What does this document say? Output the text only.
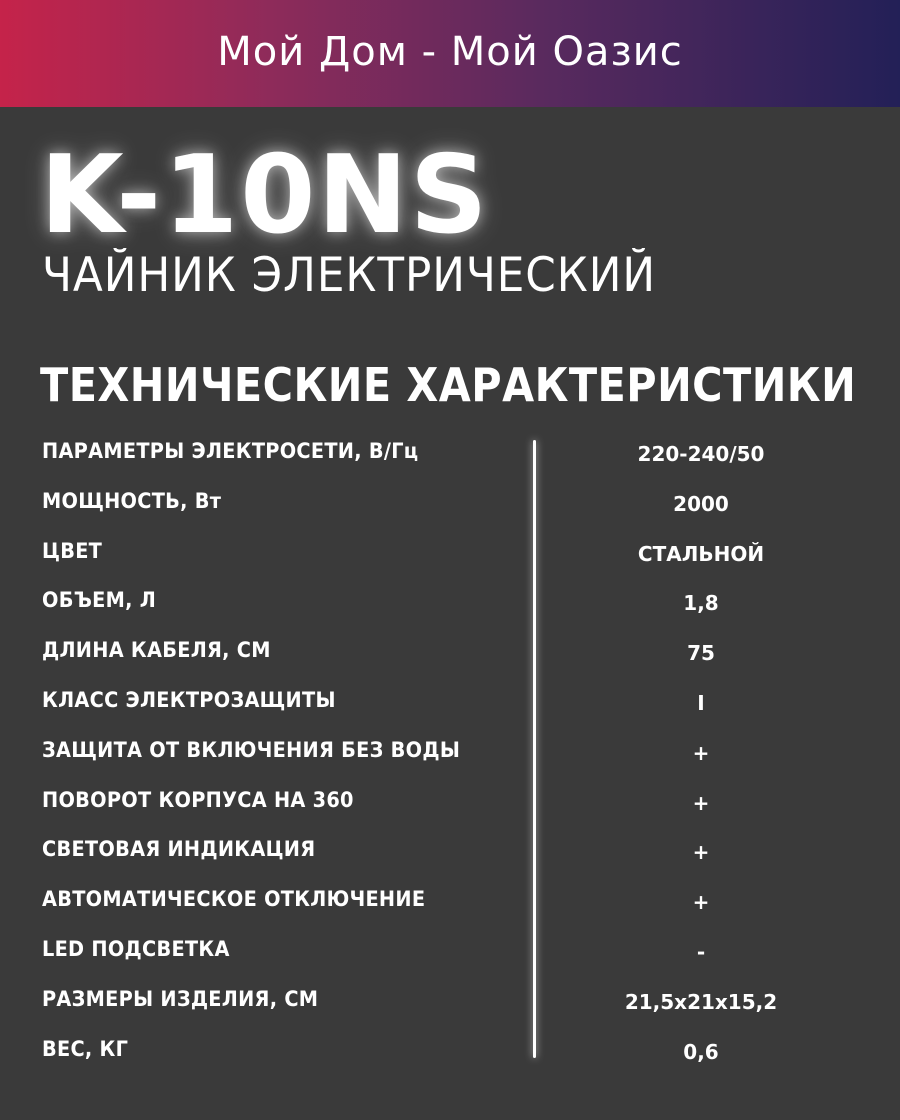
Мой Дом - Мой Оазис
K-10NS
ЧАЙНИК ЭЛЕКТРИЧЕСКИЙ
ТЕХНИЧЕСКИЕ ХАРАКТЕРИСТИКИ
ПАРАМЕТРЫ ЭЛЕКТРОСЕТИ, В/Гц	220-240/50
МОЩНОСТЬ, Вт	2000
ЦВЕТ	СТАЛЬНОЙ
ОБЪЕМ, Л	1,8
ДЛИНА КАБЕЛЯ, СМ	75
КЛАСС ЭЛЕКТРОЗАЩИТЫ	I
ЗАЩИТА ОТ ВКЛЮЧЕНИЯ БЕЗ ВОДЫ	+
ПОВОРОТ КОРПУСА НА 360	+
СВЕТОВАЯ ИНДИКАЦИЯ	+
АВТОМАТИЧЕСКОЕ ОТКЛЮЧЕНИЕ	+
LED ПОДСВЕТКА	-
РАЗМЕРЫ ИЗДЕЛИЯ, СМ	21,5х21х15,2
ВЕС, КГ	0,6
